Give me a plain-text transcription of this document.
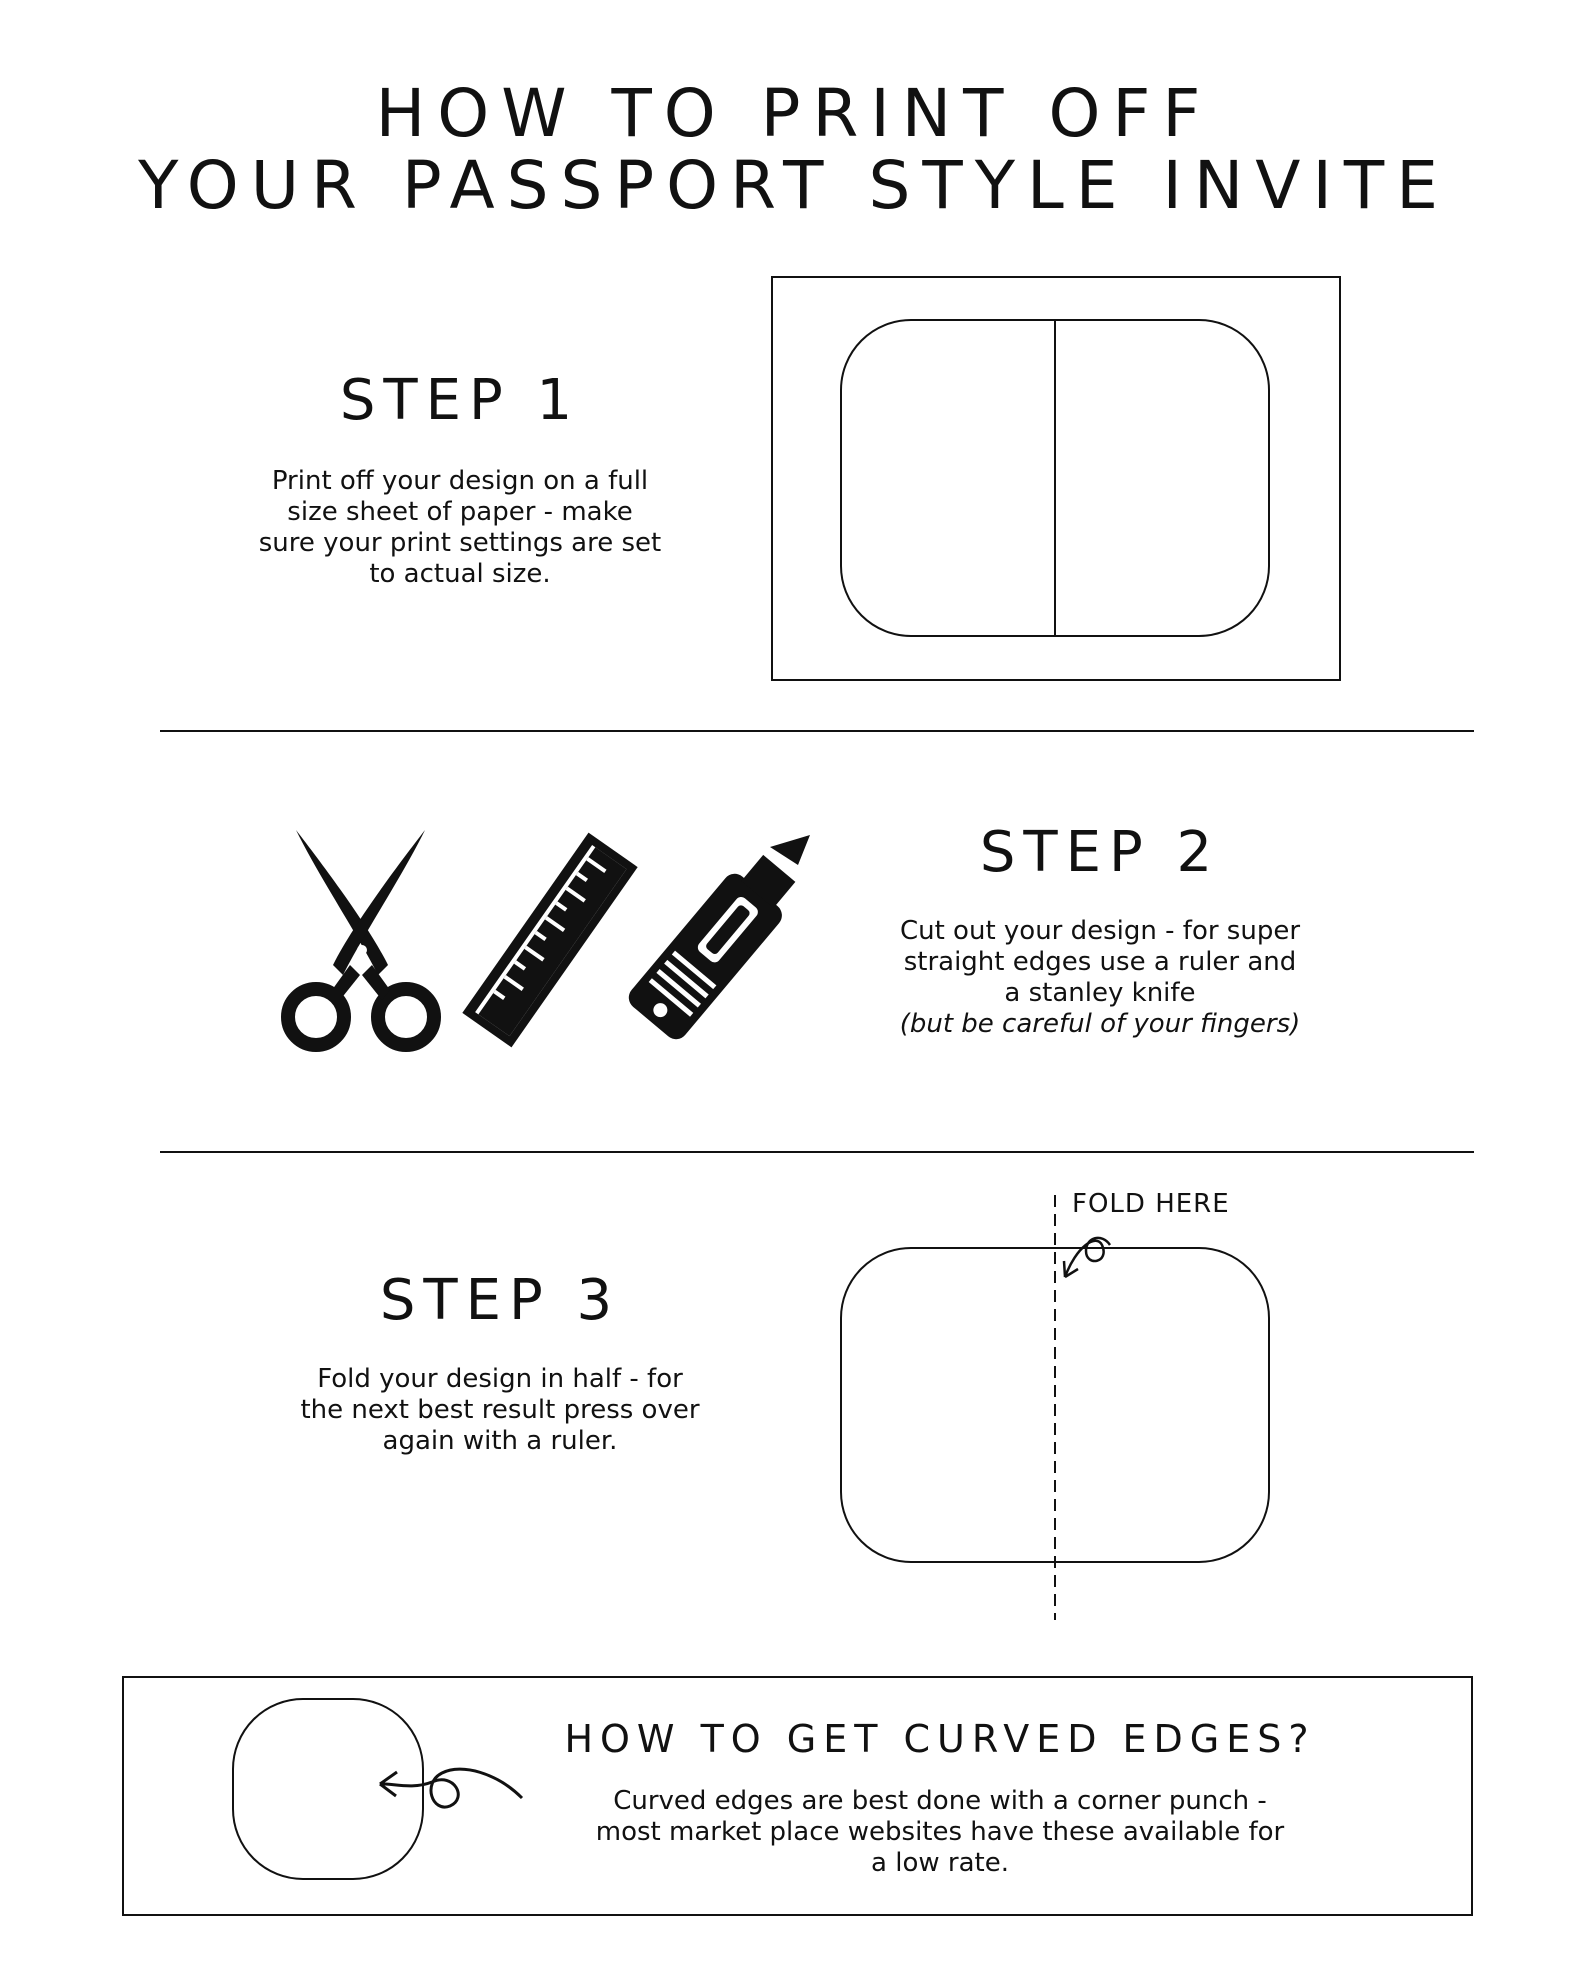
HOW TO PRINT OFF
YOUR PASSPORT STYLE INVITE
STEP 1
Print off your design on a full
size sheet of paper - make
sure your print settings are set
to actual size.
STEP 2
Cut out your design - for super
straight edges use a ruler and
a stanley knife
(but be careful of your fingers)
STEP 3
Fold your design in half - for
the next best result press over
again with a ruler.
FOLD HERE
HOW TO GET CURVED EDGES?
Curved edges are best done with a corner punch -
most market place websites have these available for
a low rate.
